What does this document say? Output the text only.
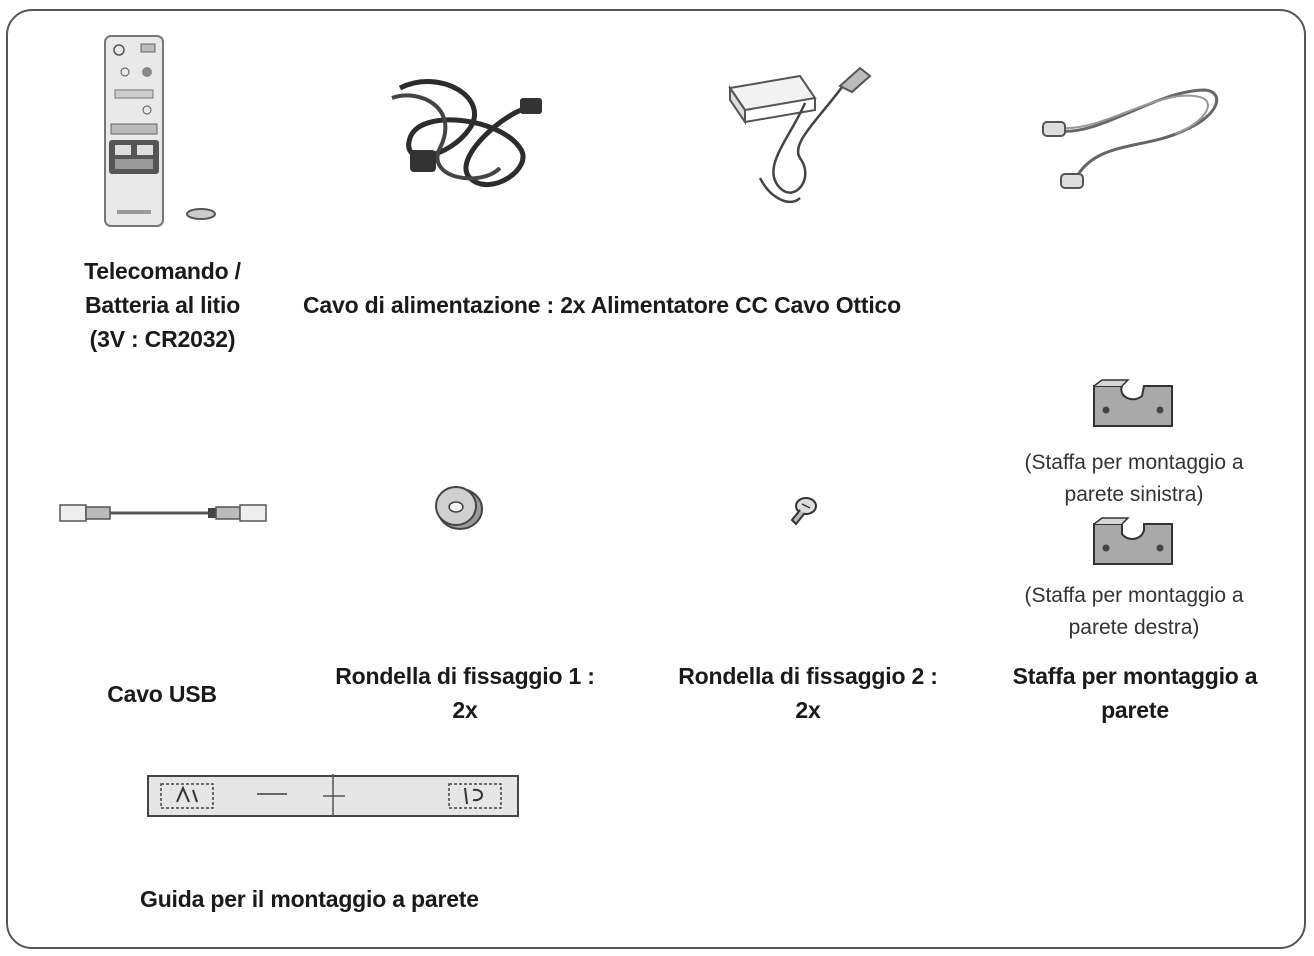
Telecomando /
Batteria al litio
(3V : CR2032)
Cavo di alimentazione : 2x Alimentatore CC Cavo Ottico
(Staffa per montaggio a
parete sinistra)
(Staffa per montaggio a
parete destra)
Cavo USB
Rondella di fissaggio 1 :
2x
Rondella di fissaggio 2 :
2x
Staffa per montaggio a
parete
Guida per il montaggio a parete
